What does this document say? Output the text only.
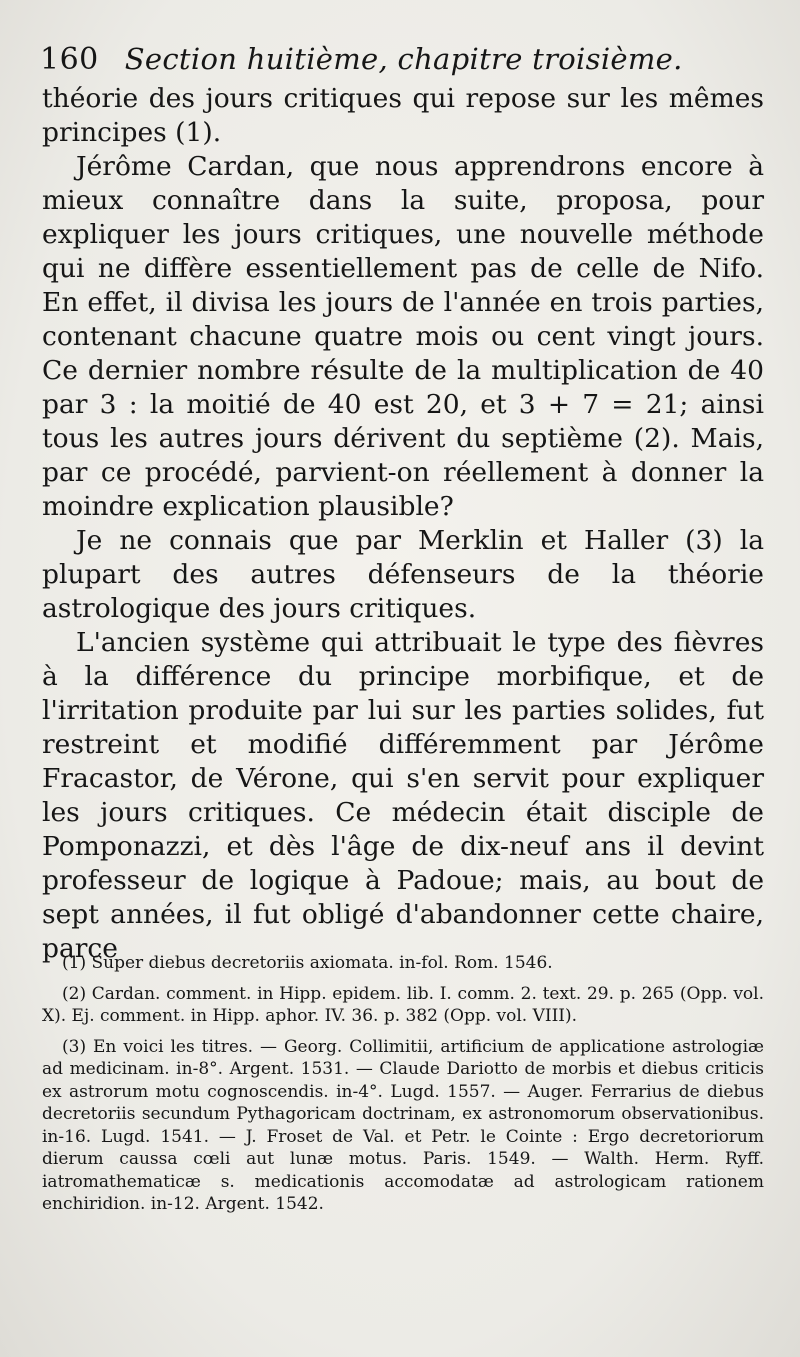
160 Section huitième, chapitre troisième.

théorie des jours critiques qui repose sur les mêmes principes (1).

Jérôme Cardan, que nous apprendrons encore à mieux connaître dans la suite, proposa, pour expliquer les jours critiques, une nouvelle méthode qui ne diffère essentiellement pas de celle de Nifo. En effet, il divisa les jours de l'année en trois parties, contenant chacune quatre mois ou cent vingt jours. Ce dernier nombre résulte de la multiplication de 40 par 3 : la moitié de 40 est 20, et 3 + 7 = 21; ainsi tous les autres jours dérivent du septième (2). Mais, par ce procédé, parvient-on réellement à donner la moindre explication plausible?

Je ne connais que par Merklin et Haller (3) la plupart des autres défenseurs de la théorie astrologique des jours critiques.

L'ancien système qui attribuait le type des fièvres à la différence du principe morbifique, et de l'irritation produite par lui sur les parties solides, fut restreint et modifié différemment par Jérôme Fracastor, de Vérone, qui s'en servit pour expliquer les jours critiques. Ce médecin était disciple de Pomponazzi, et dès l'âge de dix-neuf ans il devint professeur de logique à Padoue; mais, au bout de sept années, il fut obligé d'abandonner cette chaire, parce

(1) Super diebus decretoriis axiomata. in-fol. Rom. 1546.

(2) Cardan. comment. in Hipp. epidem. lib. I. comm. 2. text. 29. p. 265 (Opp. vol. X). Ej. comment. in Hipp. aphor. IV. 36. p. 382 (Opp. vol. VIII).

(3) En voici les titres. — Georg. Collimitii, artificium de applicatione astrologiæ ad medicinam. in-8°. Argent. 1531. — Claude Dariotto de morbis et diebus criticis ex astrorum motu cognoscendis. in-4°. Lugd. 1557. — Auger. Ferrarius de diebus decretoriis secundum Pythagoricam doctrinam, ex astronomorum observationibus. in-16. Lugd. 1541. — J. Froset de Val. et Petr. le Cointe : Ergo decretoriorum dierum caussa cœli aut lunæ motus. Paris. 1549. — Walth. Herm. Ryff. iatromathematicæ s. medicationis accomodatæ ad astrologicam rationem enchiridion. in-12. Argent. 1542.
